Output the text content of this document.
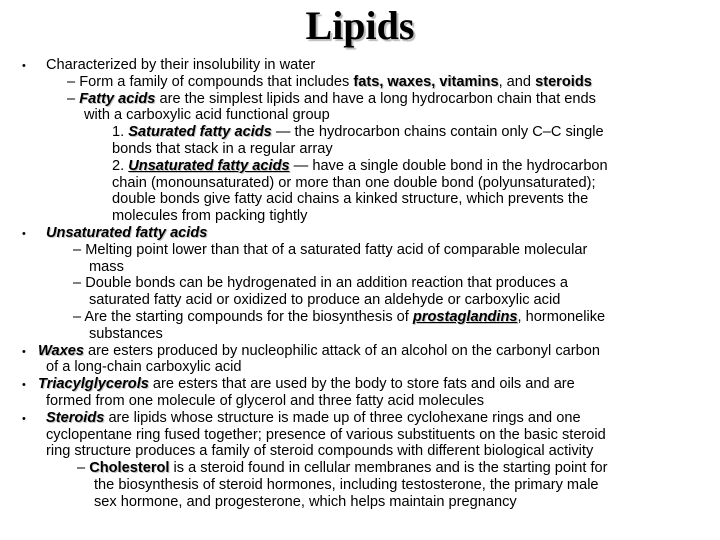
Lipids
• Characterized by their insolubility in water
– Form a family of compounds that includes fats, waxes, vitamins, and steroids
– Fatty acids are the simplest lipids and have a long hydrocarbon chain that ends
with a carboxylic acid functional group
1. Saturated fatty acids — the hydrocarbon chains contain only C–C single
bonds that stack in a regular array
2. Unsaturated fatty acids — have a single double bond in the hydrocarbon
chain (monounsaturated) or more than one double bond (polyunsaturated);
double bonds give fatty acid chains a kinked structure, which prevents the
molecules from packing tightly
• Unsaturated fatty acids
– Melting point lower than that of a saturated fatty acid of comparable molecular
mass
– Double bonds can be hydrogenated in an addition reaction that produces a
saturated fatty acid or oxidized to produce an aldehyde or carboxylic acid
– Are the starting compounds for the biosynthesis of prostaglandins, hormonelike
substances
• Waxes are esters produced by nucleophilic attack of an alcohol on the carbonyl carbon
of a long-chain carboxylic acid
• Triacylglycerols are esters that are used by the body to store fats and oils and are
formed from one molecule of glycerol and three fatty acid molecules
• Steroids are lipids whose structure is made up of three cyclohexane rings and one
cyclopentane ring fused together; presence of various substituents on the basic steroid
ring structure produces a family of steroid compounds with different biological activity
– Cholesterol is a steroid found in cellular membranes and is the starting point for
the biosynthesis of steroid hormones, including testosterone, the primary male
sex hormone, and progesterone, which helps maintain pregnancy
